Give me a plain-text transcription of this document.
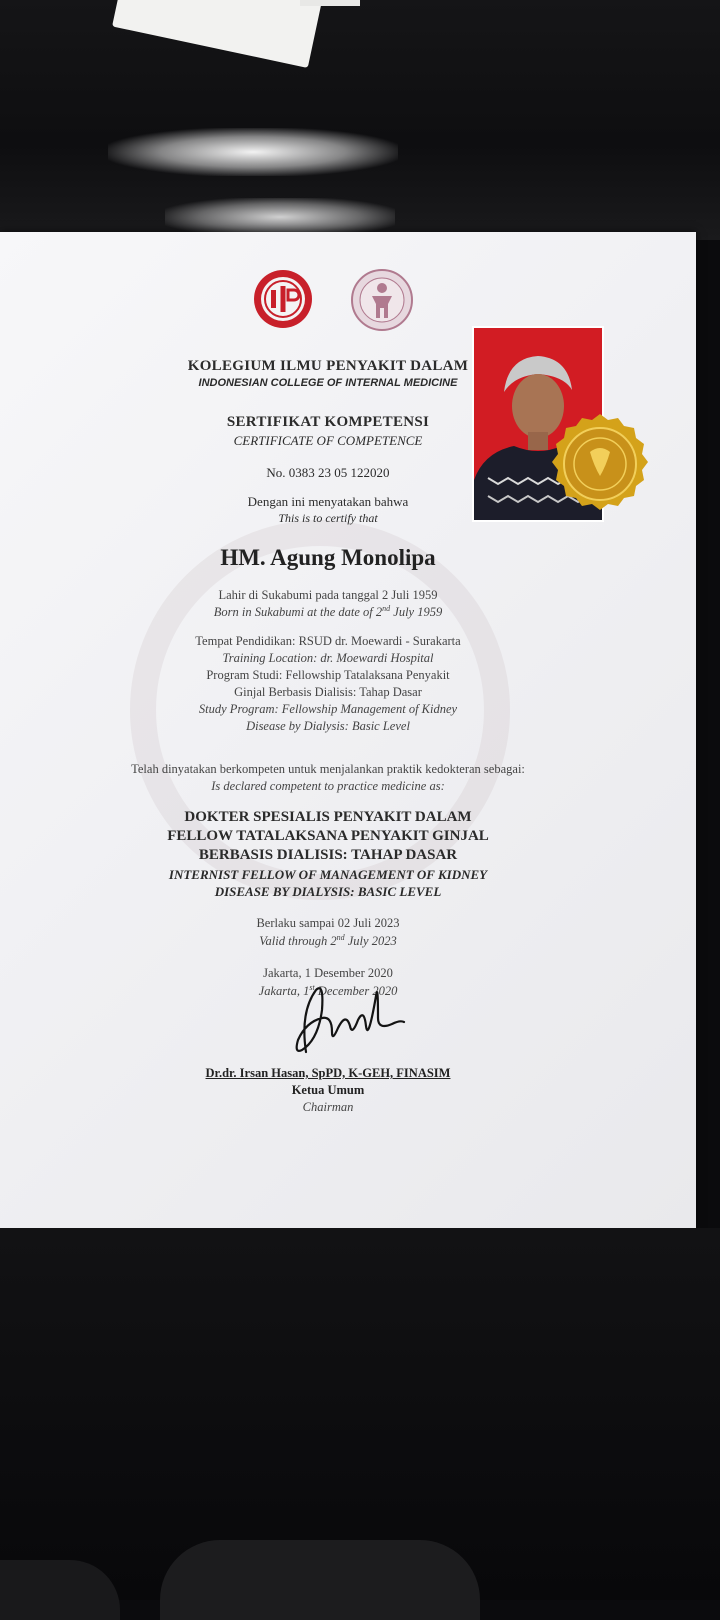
KOLEGIUM ILMU PENYAKIT DALAM
INDONESIAN COLLEGE OF INTERNAL MEDICINE
SERTIFIKAT KOMPETENSI
CERTIFICATE OF COMPETENCE
No. 0383 23 05 122020
Dengan ini menyatakan bahwa
This is to certify that
HM. Agung Monolipa
Lahir di Sukabumi pada tanggal 2 Juli 1959
Born in Sukabumi at the date of 2nd July 1959
Tempat Pendidikan: RSUD dr. Moewardi - Surakarta
Training Location: dr. Moewardi Hospital
Program Studi: Fellowship Tatalaksana Penyakit
Ginjal Berbasis Dialisis: Tahap Dasar
Study Program: Fellowship Management of Kidney
Disease by Dialysis: Basic Level
Telah dinyatakan berkompeten untuk menjalankan praktik kedokteran sebagai:
Is declared competent to practice medicine as:
DOKTER SPESIALIS PENYAKIT DALAM
FELLOW TATALAKSANA PENYAKIT GINJAL
BERBASIS DIALISIS: TAHAP DASAR
INTERNIST FELLOW OF MANAGEMENT OF KIDNEY
DISEASE BY DIALYSIS: BASIC LEVEL
Berlaku sampai 02 Juli 2023
Valid through 2nd July 2023
Jakarta, 1 Desember 2020
Jakarta, 1st December 2020
Dr.dr. Irsan Hasan, SpPD, K-GEH, FINASIM
Ketua Umum
Chairman
